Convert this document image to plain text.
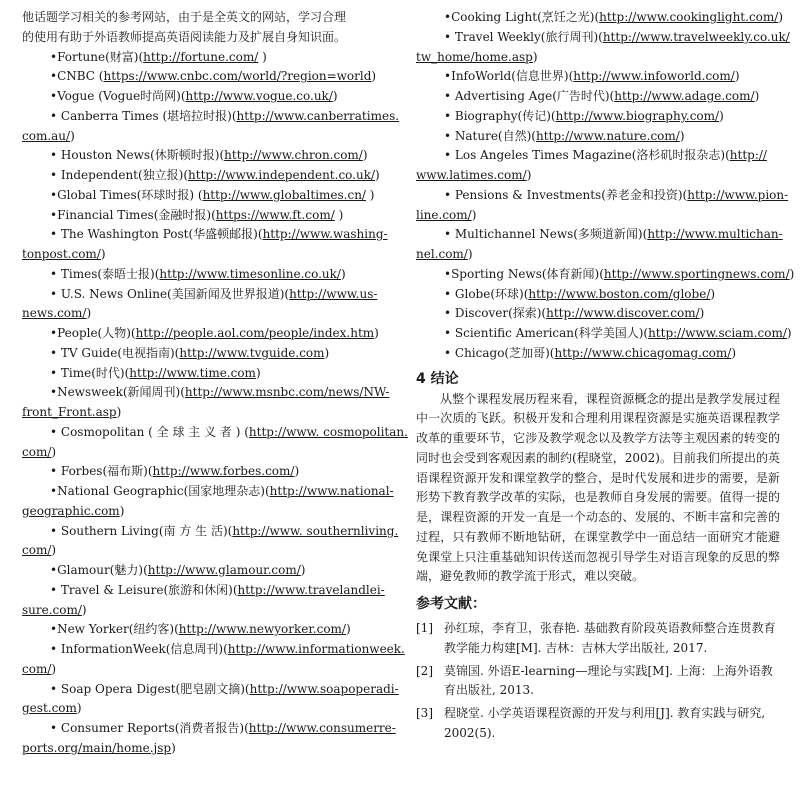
他话题学习相关的参考网站，由于是全英文的网站，学习合理
的使用有助于外语教师提高英语阅读能力及扩展自身知识面。
•Fortune(财富)(http://fortune.com/ )
•CNBC (https://www.cnbc.com/world/?region=world)
•Vogue (Vogue时尚网)(http://www.vogue.co.uk/)
• Canberra Times (堪培拉时报)(http://www.canberratimes.
com.au/)
• Houston News(休斯顿时报)(http://www.chron.com/)
• Independent(独立报)(http://www.independent.co.uk/)
•Global Times(环球时报) (http://www.globaltimes.cn/ )
•Financial Times(金融时报)(https://www.ft.com/ )
• The Washington Post(华盛顿邮报)(http://www.washing-
tonpost.com/)
• Times(泰晤士报)(http://www.timesonline.co.uk/)
• U.S. News Online(美国新闻及世界报道)(http://www.us-
news.com/)
•People(人物)(http://people.aol.com/people/index.htm)
• TV Guide(电视指南)(http://www.tvguide.com)
• Time(时代)(http://www.time.com)
•Newsweek(新闻周刊)(http://www.msnbc.com/news/NW-
front_Front.asp)
• Cosmopolitan ( 全 球 主 义 者 ) (http://www. cosmopolitan.
com/)
• Forbes(福布斯)(http://www.forbes.com/)
•National Geographic(国家地理杂志)(http://www.national-
geographic.com)
• Southern Living(南 方 生 活)(http://www. southernliving.
com/)
•Glamour(魅力)(http://www.glamour.com/)
• Travel & Leisure(旅游和休闲)(http://www.travelandlei-
sure.com/)
•New Yorker(纽约客)(http://www.newyorker.com/)
• InformationWeek(信息周刊)(http://www.informationweek.
com/)
• Soap Opera Digest(肥皂剧文摘)(http://www.soapoperadi-
gest.com)
• Consumer Reports(消费者报告)(http://www.consumerre-
ports.org/main/home.jsp)
•Cooking Light(烹饪之光)(http://www.cookinglight.com/)
• Travel Weekly(旅行周刊)(http://www.travelweekly.co.uk/
tw_home/home.asp)
•InfoWorld(信息世界)(http://www.infoworld.com/)
• Advertising Age(广告时代)(http://www.adage.com/)
• Biography(传记)(http://www.biography.com/)
• Nature(自然)(http://www.nature.com/)
• Los Angeles Times Magazine(洛杉矶时报杂志)(http://
www.latimes.com/)
• Pensions & Investments(养老金和投资)(http://www.pion-
line.com/)
• Multichannel News(多频道新闻)(http://www.multichan-
nel.com/)
•Sporting News(体育新闻)(http://www.sportingnews.com/)
• Globe(环球)(http://www.boston.com/globe/)
• Discover(探索)(http://www.discover.com/)
• Scientific American(科学美国人)(http://www.sciam.com/)
• Chicago(芝加哥)(http://www.chicagomag.com/)
4 结论

从整个课程发展历程来看，课程资源概念的提出是教学发展过程中一次质的飞跃。积极开发和合理利用课程资源是实施英语课程教学改革的重要环节，它涉及教学观念以及教学方法等主观因素的转变的同时也会受到客观因素的制约(程晓堂，2002)。目前我们所提出的英语课程资源开发和课堂教学的整合，是时代发展和进步的需要，是新形势下教育教学改革的实际，也是教师自身发展的需要。值得一提的是，课程资源的开发一直是一个动态的、发展的、不断丰富和完善的过程，只有教师不断地钻研，在课堂教学中一面总结一面研究才能避免课堂上只注重基础知识传送而忽视引导学生对语言现象的反思的弊端，避免教师的教学流于形式，难以突破。

参考文献：
[1] 孙红琼，李育卫，张春艳. 基础教育阶段英语教师整合连贯教育教学能力构建[M]. 吉林：吉林大学出版社, 2017.
[2] 莫锦国. 外语E-learning—理论与实践[M]. 上海：上海外语教育出版社, 2013.
[3] 程晓堂. 小学英语课程资源的开发与利用[J]. 教育实践与研究, 2002(5).
